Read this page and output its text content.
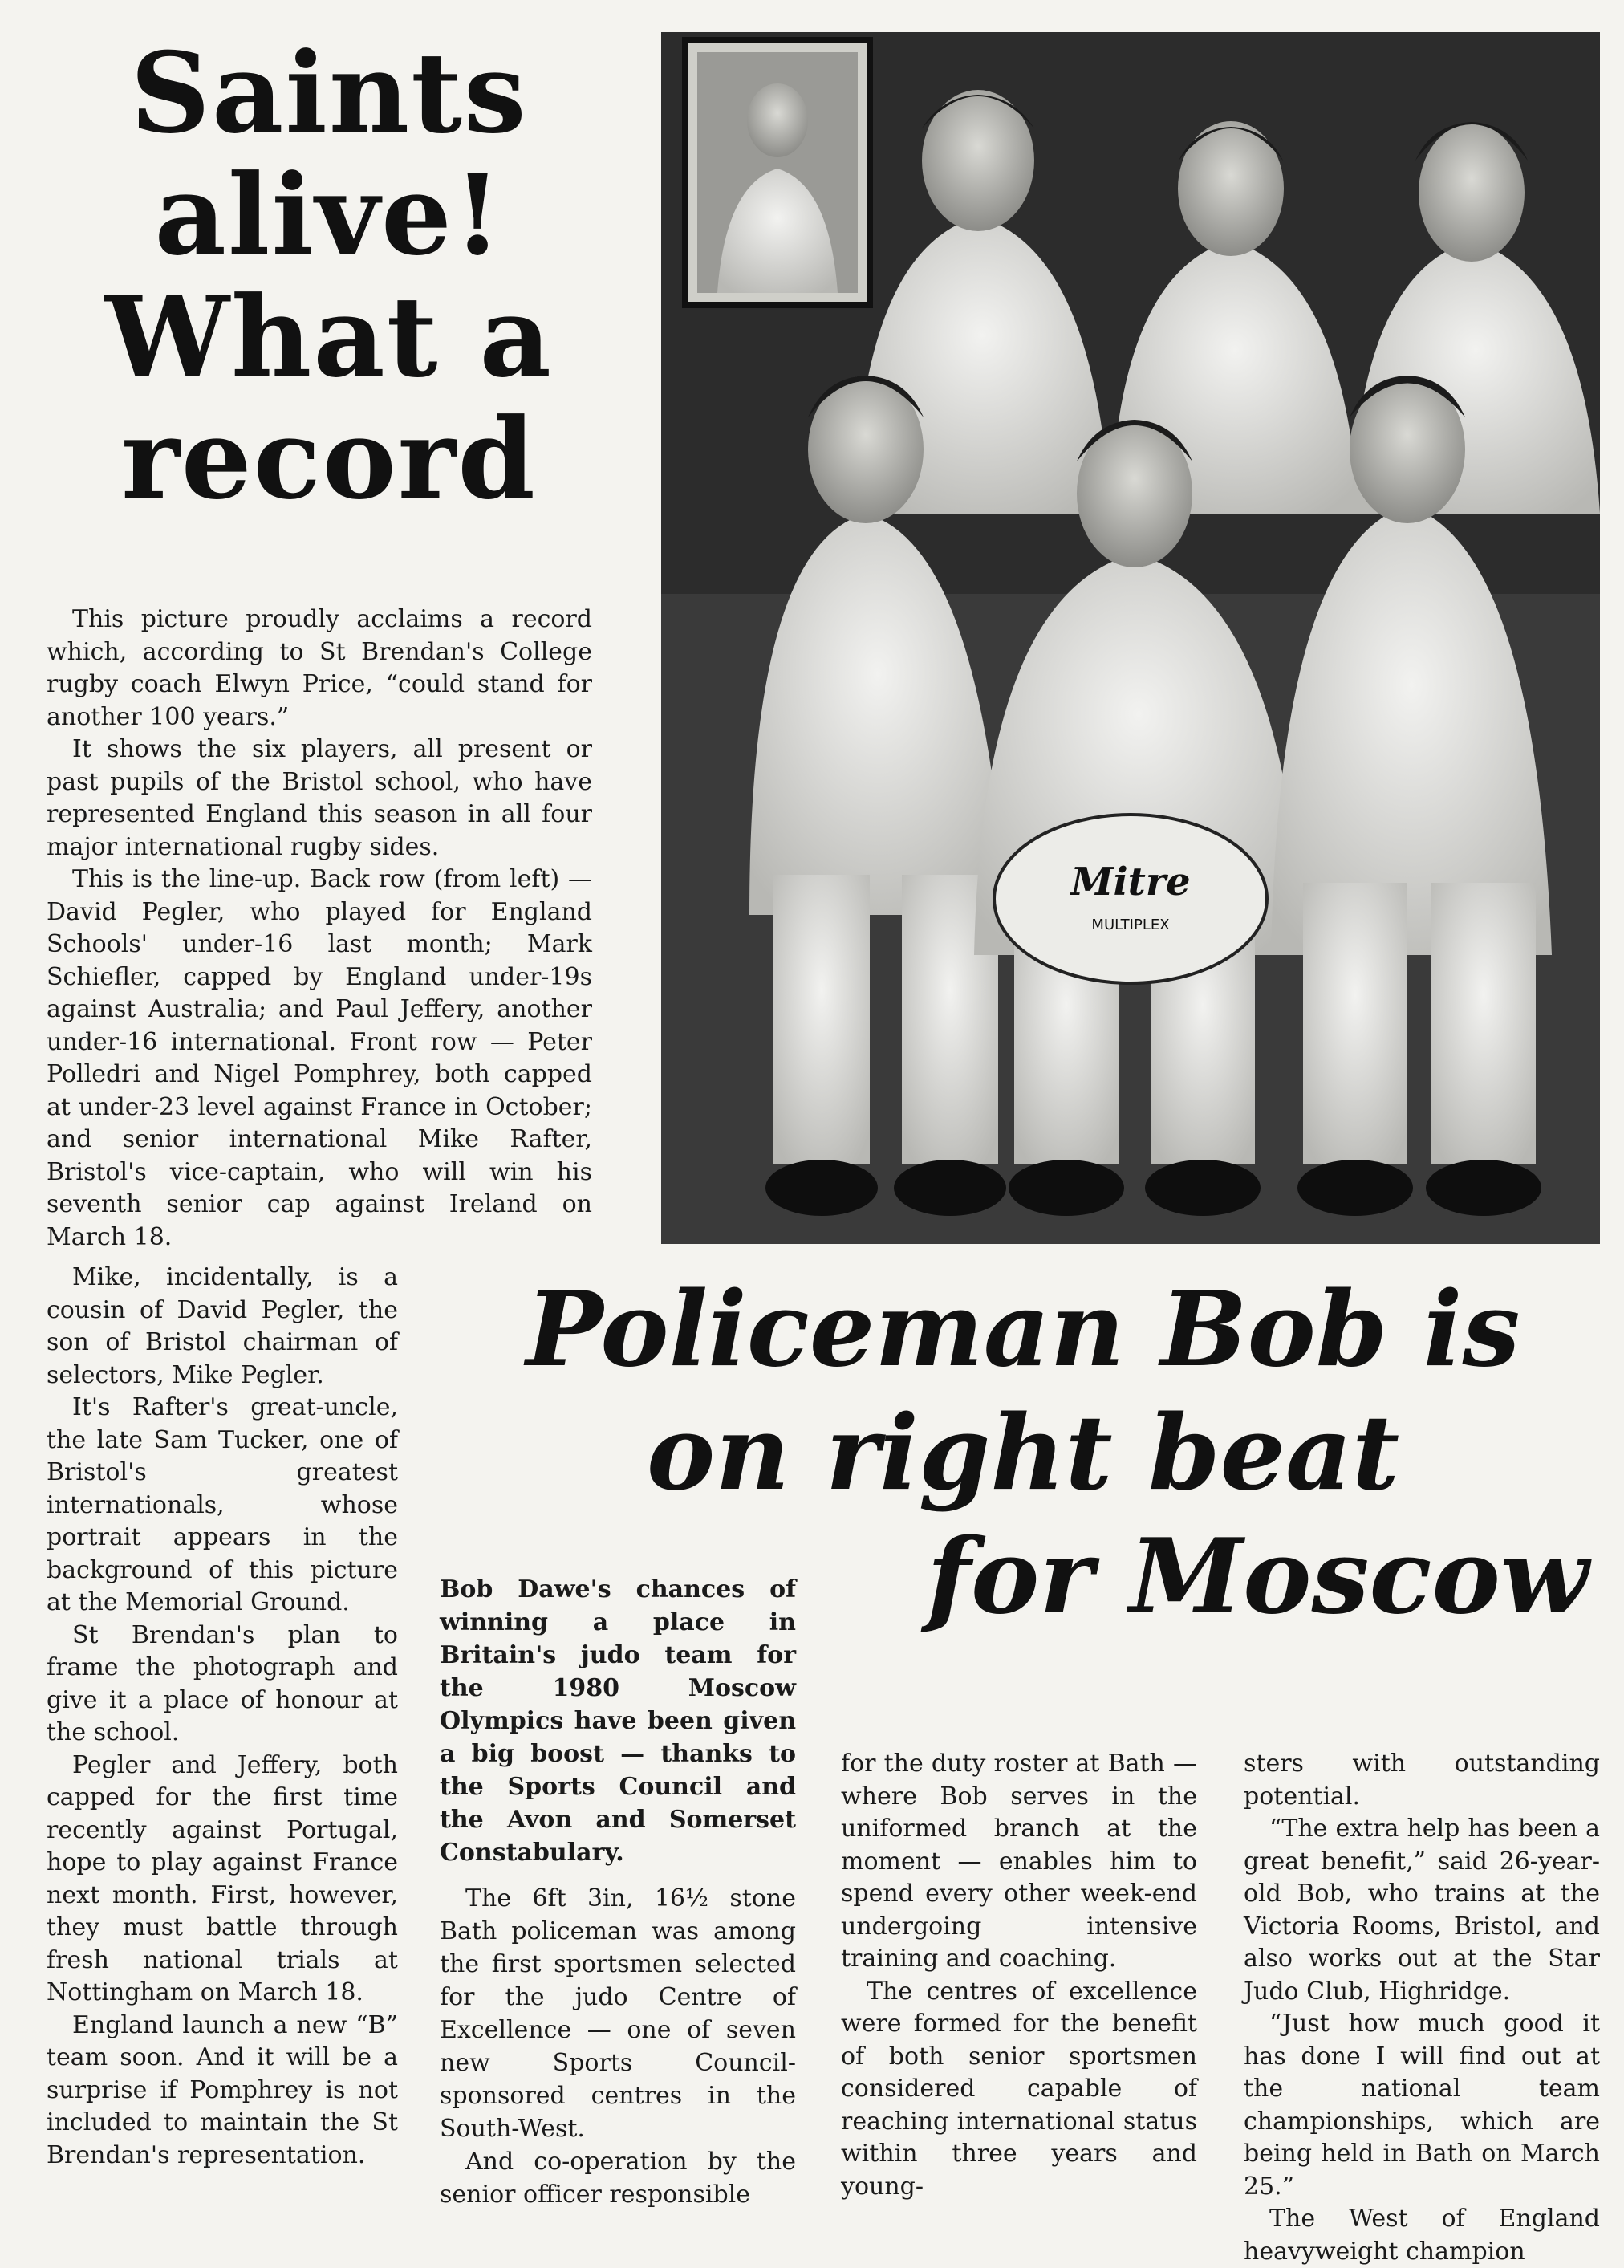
Saints
alive!
What a
record
Mitre
MULTIPLEX

This picture proudly acclaims a record which, according to St Brendan's College rugby coach Elwyn Price, “could stand for another 100 years.”

It shows the six players, all present or past pupils of the Bristol school, who have represented England this season in all four major international rugby sides.

This is the line-up. Back row (from left) — David Pegler, who played for England Schools' under-16 last month; Mark Schiefler, capped by England under-19s against Australia; and Paul Jeffery, another under-16 international. Front row — Peter Polledri and Nigel Pomphrey, both capped at under-23 level against France in October; and senior international Mike Rafter, Bristol's vice-captain, who will win his seventh senior cap against Ireland on March 18.

Mike, incidentally, is a cousin of David Pegler, the son of Bristol chairman of selectors, Mike Pegler.

It's Rafter's great-uncle, the late Sam Tucker, one of Bristol's greatest internationals, whose portrait appears in the background of this picture at the Memorial Ground.

St Brendan's plan to frame the photograph and give it a place of honour at the school.

Pegler and Jeffery, both capped for the first time recently against Portugal, hope to play against France next month. First, however, they must battle through fresh national trials at Nottingham on March 18.

England launch a new “B” team soon. And it will be a surprise if Pomphrey is not included to maintain the St Brendan's representation.

Policeman Bob is
on right beat
for Moscow

Bob Dawe's chances of winning a place in Britain's judo team for the 1980 Moscow Olympics have been given a big boost — thanks to the Sports Council and the Avon and Somerset Constabulary.

The 6ft 3in, 16½ stone Bath policeman was among the first sportsmen selected for the judo Centre of Excellence — one of seven new Sports Council-sponsored centres in the South-West.

And co-operation by the senior officer responsible

for the duty roster at Bath — where Bob serves in the uniformed branch at the moment — enables him to spend every other week-end undergoing intensive training and coaching.

The centres of excellence were formed for the benefit of both senior sportsmen considered capable of reaching international status within three years and young-

sters with outstanding potential.

“The extra help has been a great benefit,” said 26-year-old Bob, who trains at the Victoria Rooms, Bristol, and also works out at the Star Judo Club, Highridge.

“Just how much good it has done I will find out at the national team championships, which are being held in Bath on March 25.”

The West of England heavyweight champion
